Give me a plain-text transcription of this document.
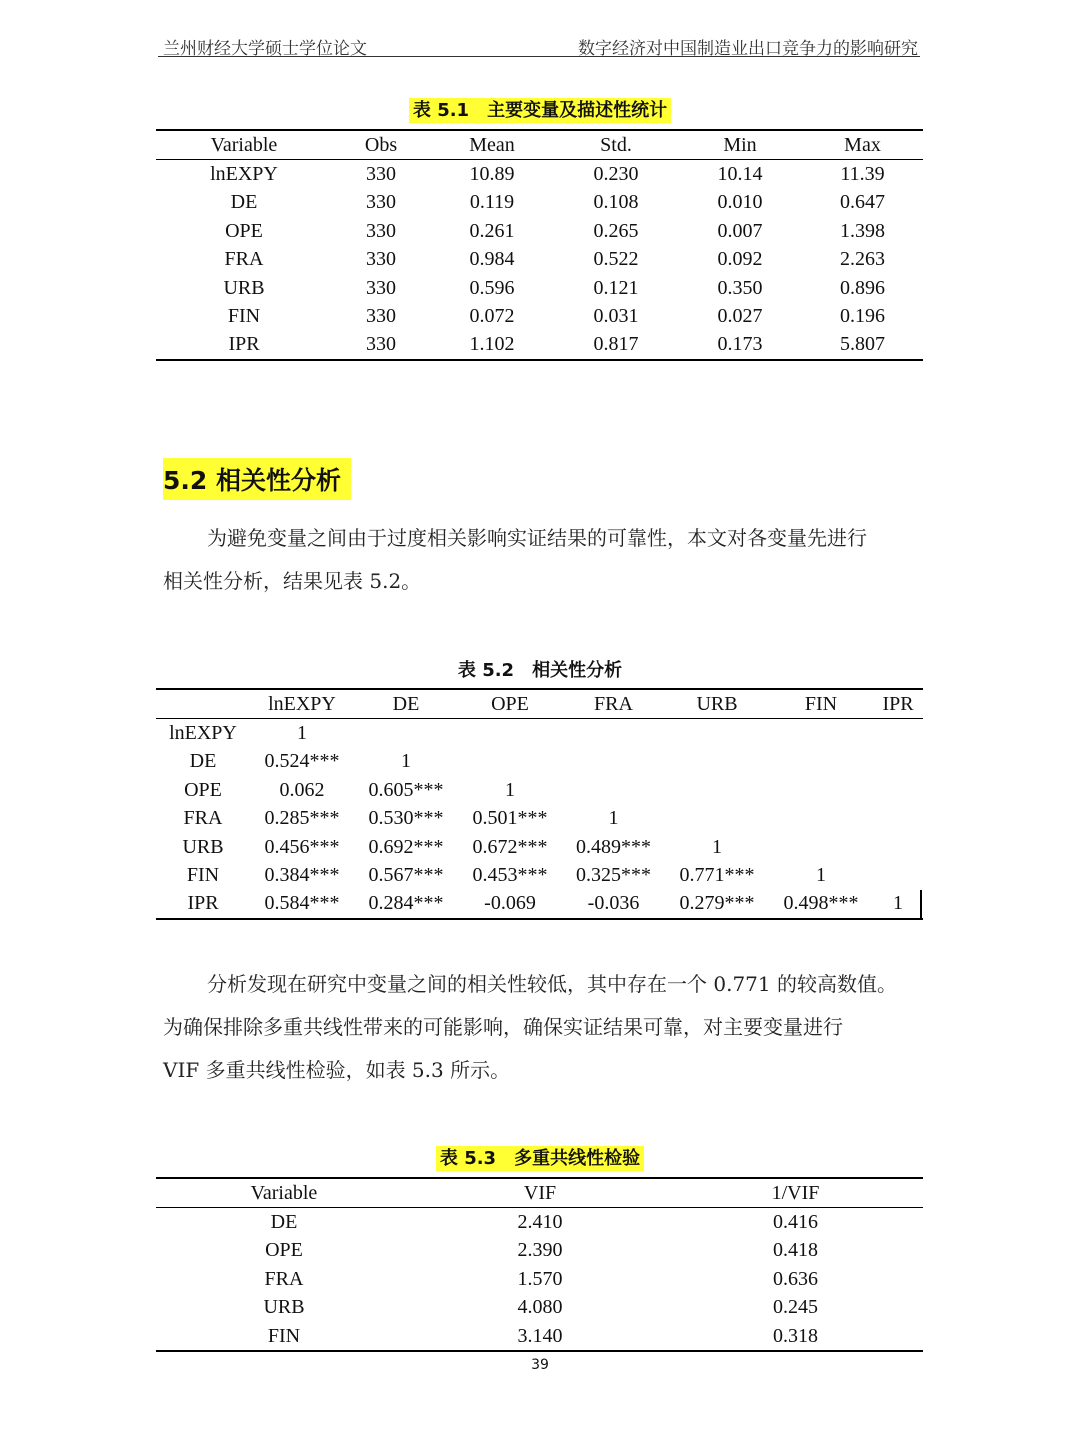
兰州财经大学硕士学位论文	数字经济对中国制造业出口竞争力的影响研究
表 5.1　主要变量及描述性统计
Variable	Obs	Mean	Std.	Min	Max
lnEXPY	330	10.89	0.230	10.14	11.39
DE	330	0.119	0.108	0.010	0.647
OPE	330	0.261	0.265	0.007	1.398
FRA	330	0.984	0.522	0.092	2.263
URB	330	0.596	0.121	0.350	0.896
FIN	330	0.072	0.031	0.027	0.196
IPR	330	1.102	0.817	0.173	5.807
5.2 相关性分析
为避免变量之间由于过度相关影响实证结果的可靠性，本文对各变量先进行
相关性分析，结果见表 5.2。
表 5.2　相关性分析
	lnEXPY	DE	OPE	FRA	URB	FIN	IPR
lnEXPY	1						
DE	0.524***	1					
OPE	0.062	0.605***	1				
FRA	0.285***	0.530***	0.501***	1			
URB	0.456***	0.692***	0.672***	0.489***	1		
FIN	0.384***	0.567***	0.453***	0.325***	0.771***	1	
IPR	0.584***	0.284***	-0.069	-0.036	0.279***	0.498***	1
分析发现在研究中变量之间的相关性较低，其中存在一个 0.771 的较高数值。
为确保排除多重共线性带来的可能影响，确保实证结果可靠，对主要变量进行
VIF 多重共线性检验，如表 5.3 所示。
表 5.3　多重共线性检验
Variable	VIF	1/VIF
DE	2.410	0.416
OPE	2.390	0.418
FRA	1.570	0.636
URB	4.080	0.245
FIN	3.140	0.318
39
